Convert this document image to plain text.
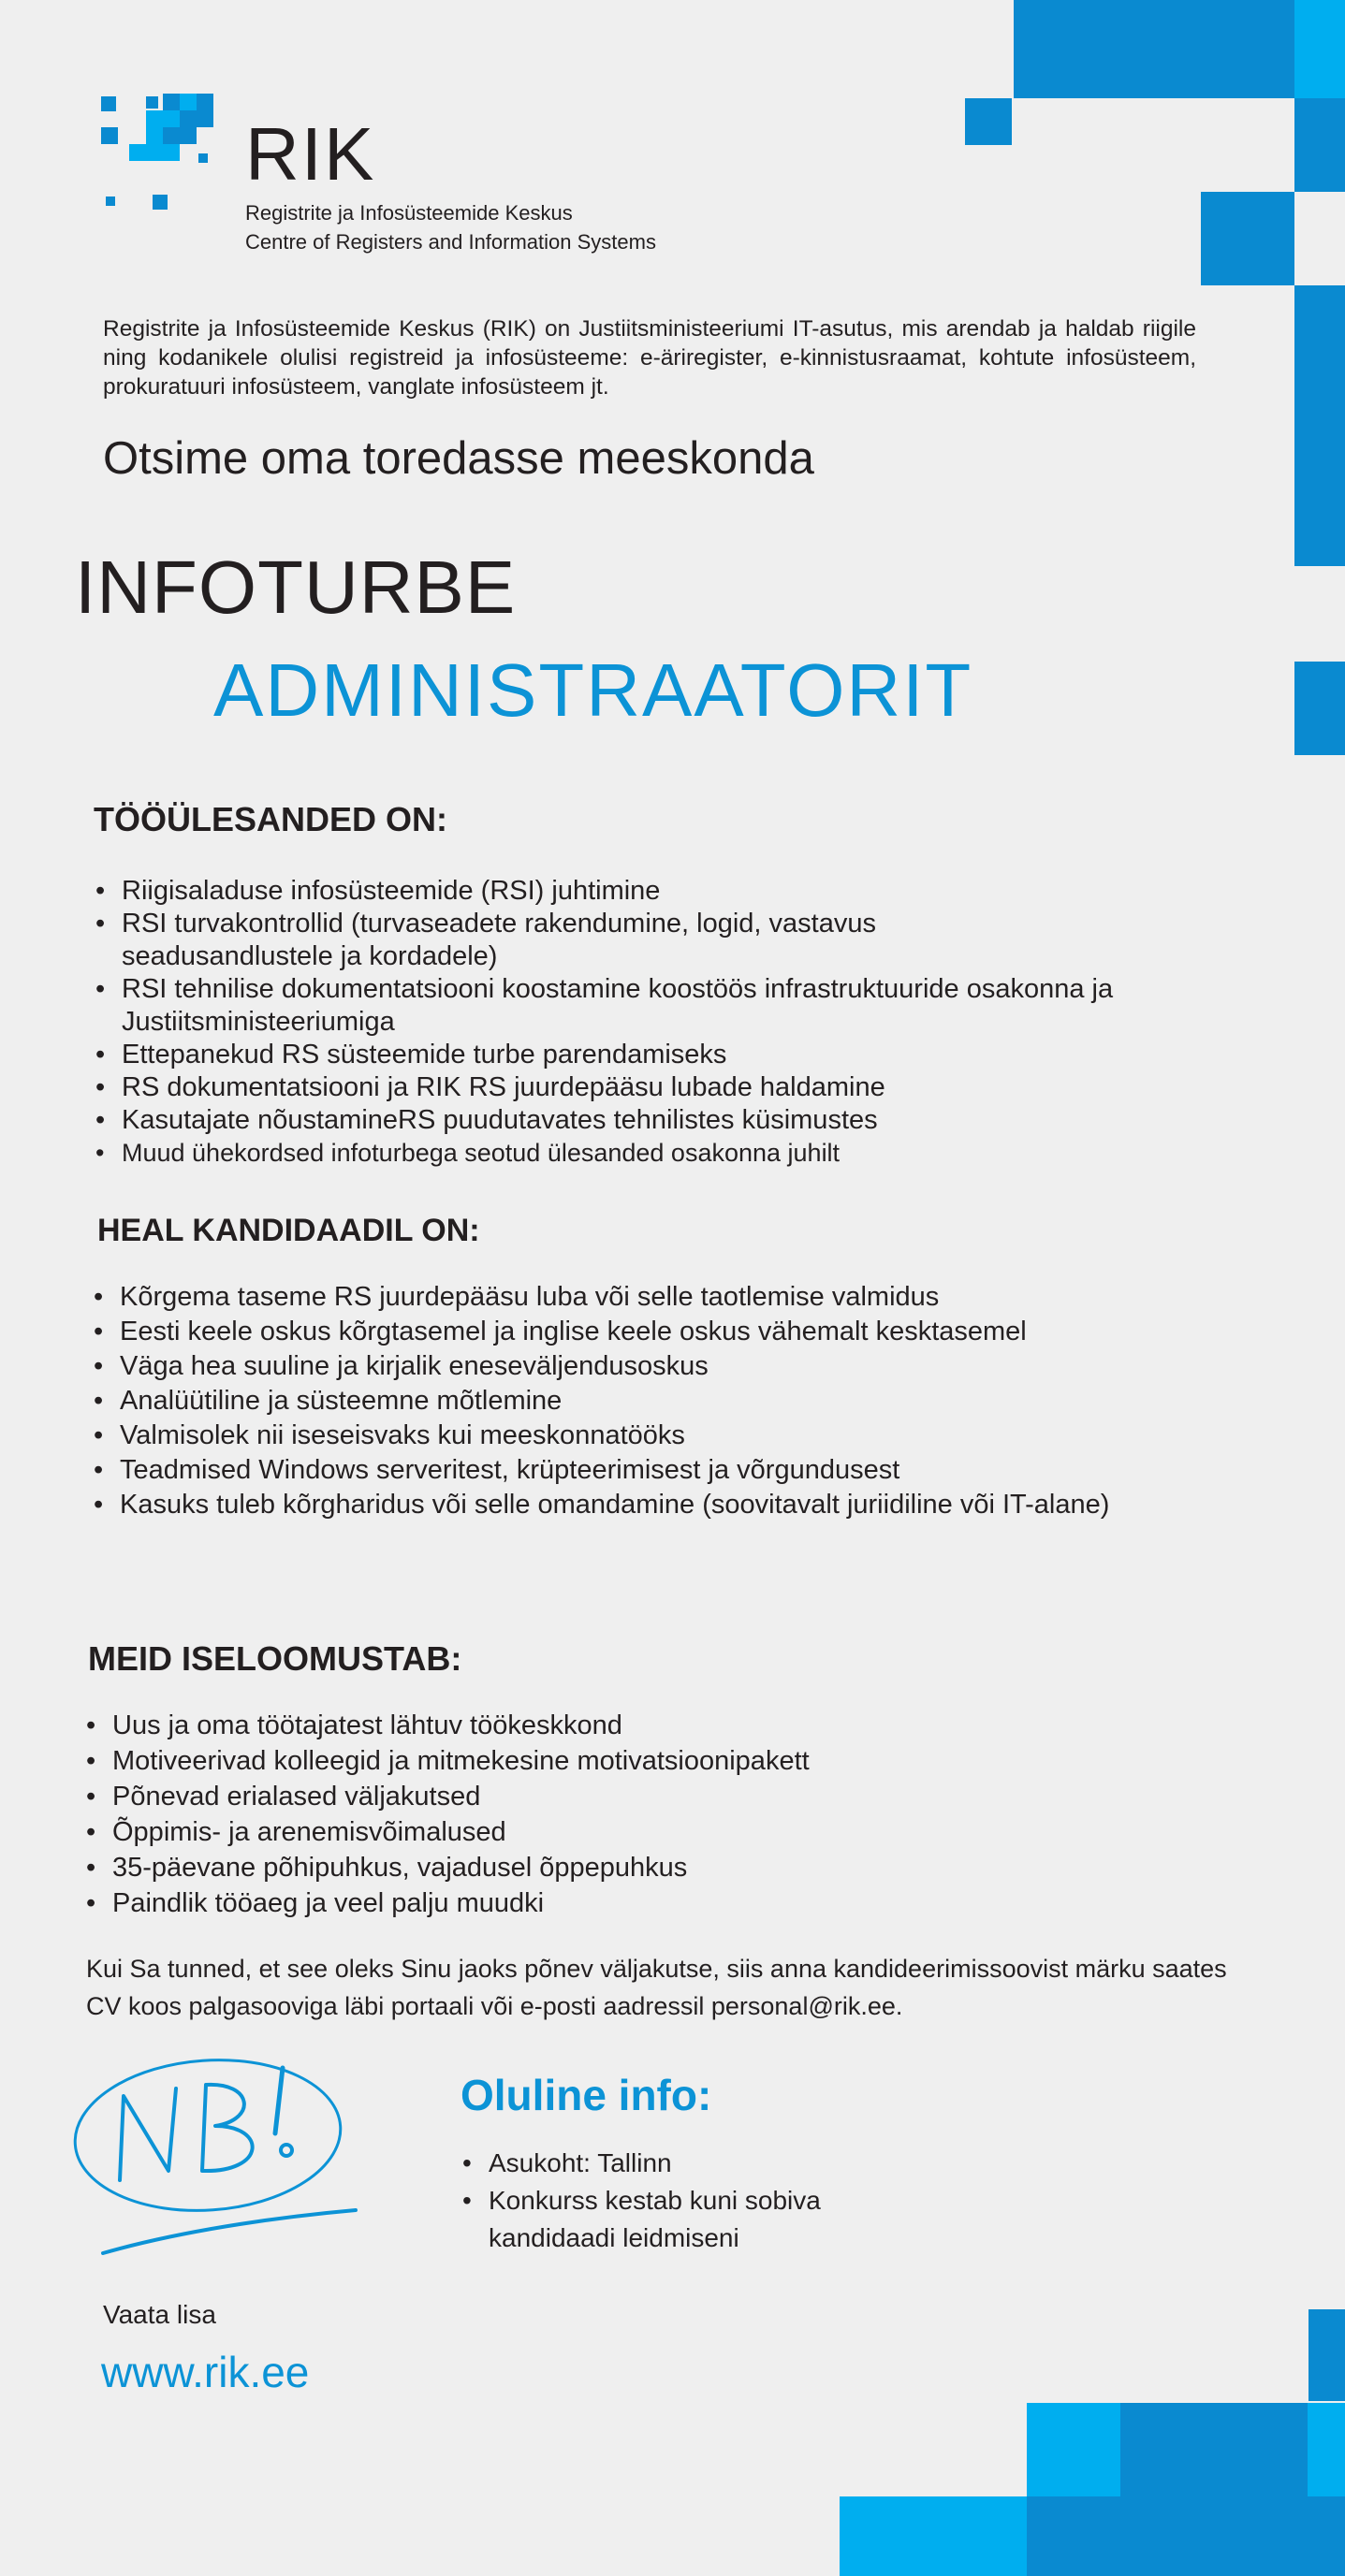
RIK
Registrite ja Infosüsteemide Keskus
Centre of Registers and Information Systems
Registrite ja Infosüsteemide Keskus (RIK) on Justiitsministeeriumi IT-asutus, mis arendab ja haldab riigile ning kodanikele olulisi registreid ja infosüsteeme: e-äriregister, e-kinnistusraamat, kohtute infosüsteem, prokuratuuri infosüsteem, vanglate infosüsteem jt.
Otsime oma toredasse meeskonda
INFOTURBE
ADMINISTRAATORIT
TÖÖÜLESANDED ON:
• Riigisaladuse infosüsteemide (RSI) juhtimine
• RSI turvakontrollid (turvaseadete rakendumine, logid, vastavus seadusandlustele ja kordadele)
• RSI tehnilise dokumentatsiooni koostamine koostöös infrastruktuuride osakonna ja Justiitsministeeriumiga
• Ettepanekud RS süsteemide turbe parendamiseks
• RS dokumentatsiooni ja RIK RS juurdepääsu lubade haldamine
• Kasutajate nõustamineRS puudutavates tehnilistes küsimustes
• Muud ühekordsed infoturbega seotud ülesanded osakonna juhilt
HEAL KANDIDAADIL ON:
• Kõrgema taseme RS juurdepääsu luba või selle taotlemise valmidus
• Eesti keele oskus kõrgtasemel ja inglise keele oskus vähemalt kesktasemel
• Väga hea suuline ja kirjalik eneseväljendusoskus
• Analüütiline ja süsteemne mõtlemine
• Valmisolek nii iseseisvaks kui meeskonnatööks
• Teadmised Windows serveritest, krüpteerimisest ja võrgundusest
• Kasuks tuleb kõrgharidus või selle omandamine (soovitavalt juriidiline või IT-alane)
MEID ISELOOMUSTAB:
• Uus ja oma töötajatest lähtuv töökeskkond
• Motiveerivad kolleegid ja mitmekesine motivatsioonipakett
• Põnevad erialased väljakutsed
• Õppimis- ja arenemisvõimalused
• 35-päevane põhipuhkus, vajadusel õppepuhkus
• Paindlik tööaeg ja veel palju muudki
Kui Sa tunned, et see oleks Sinu jaoks põnev väljakutse, siis anna kandideerimissoovist märku saates CV koos palgasooviga läbi portaali või e-posti aadressil personal@rik.ee.
Oluline info:
• Asukoht: Tallinn
• Konkurss kestab kuni sobiva kandidaadi leidmiseni
Vaata lisa
www.rik.ee
